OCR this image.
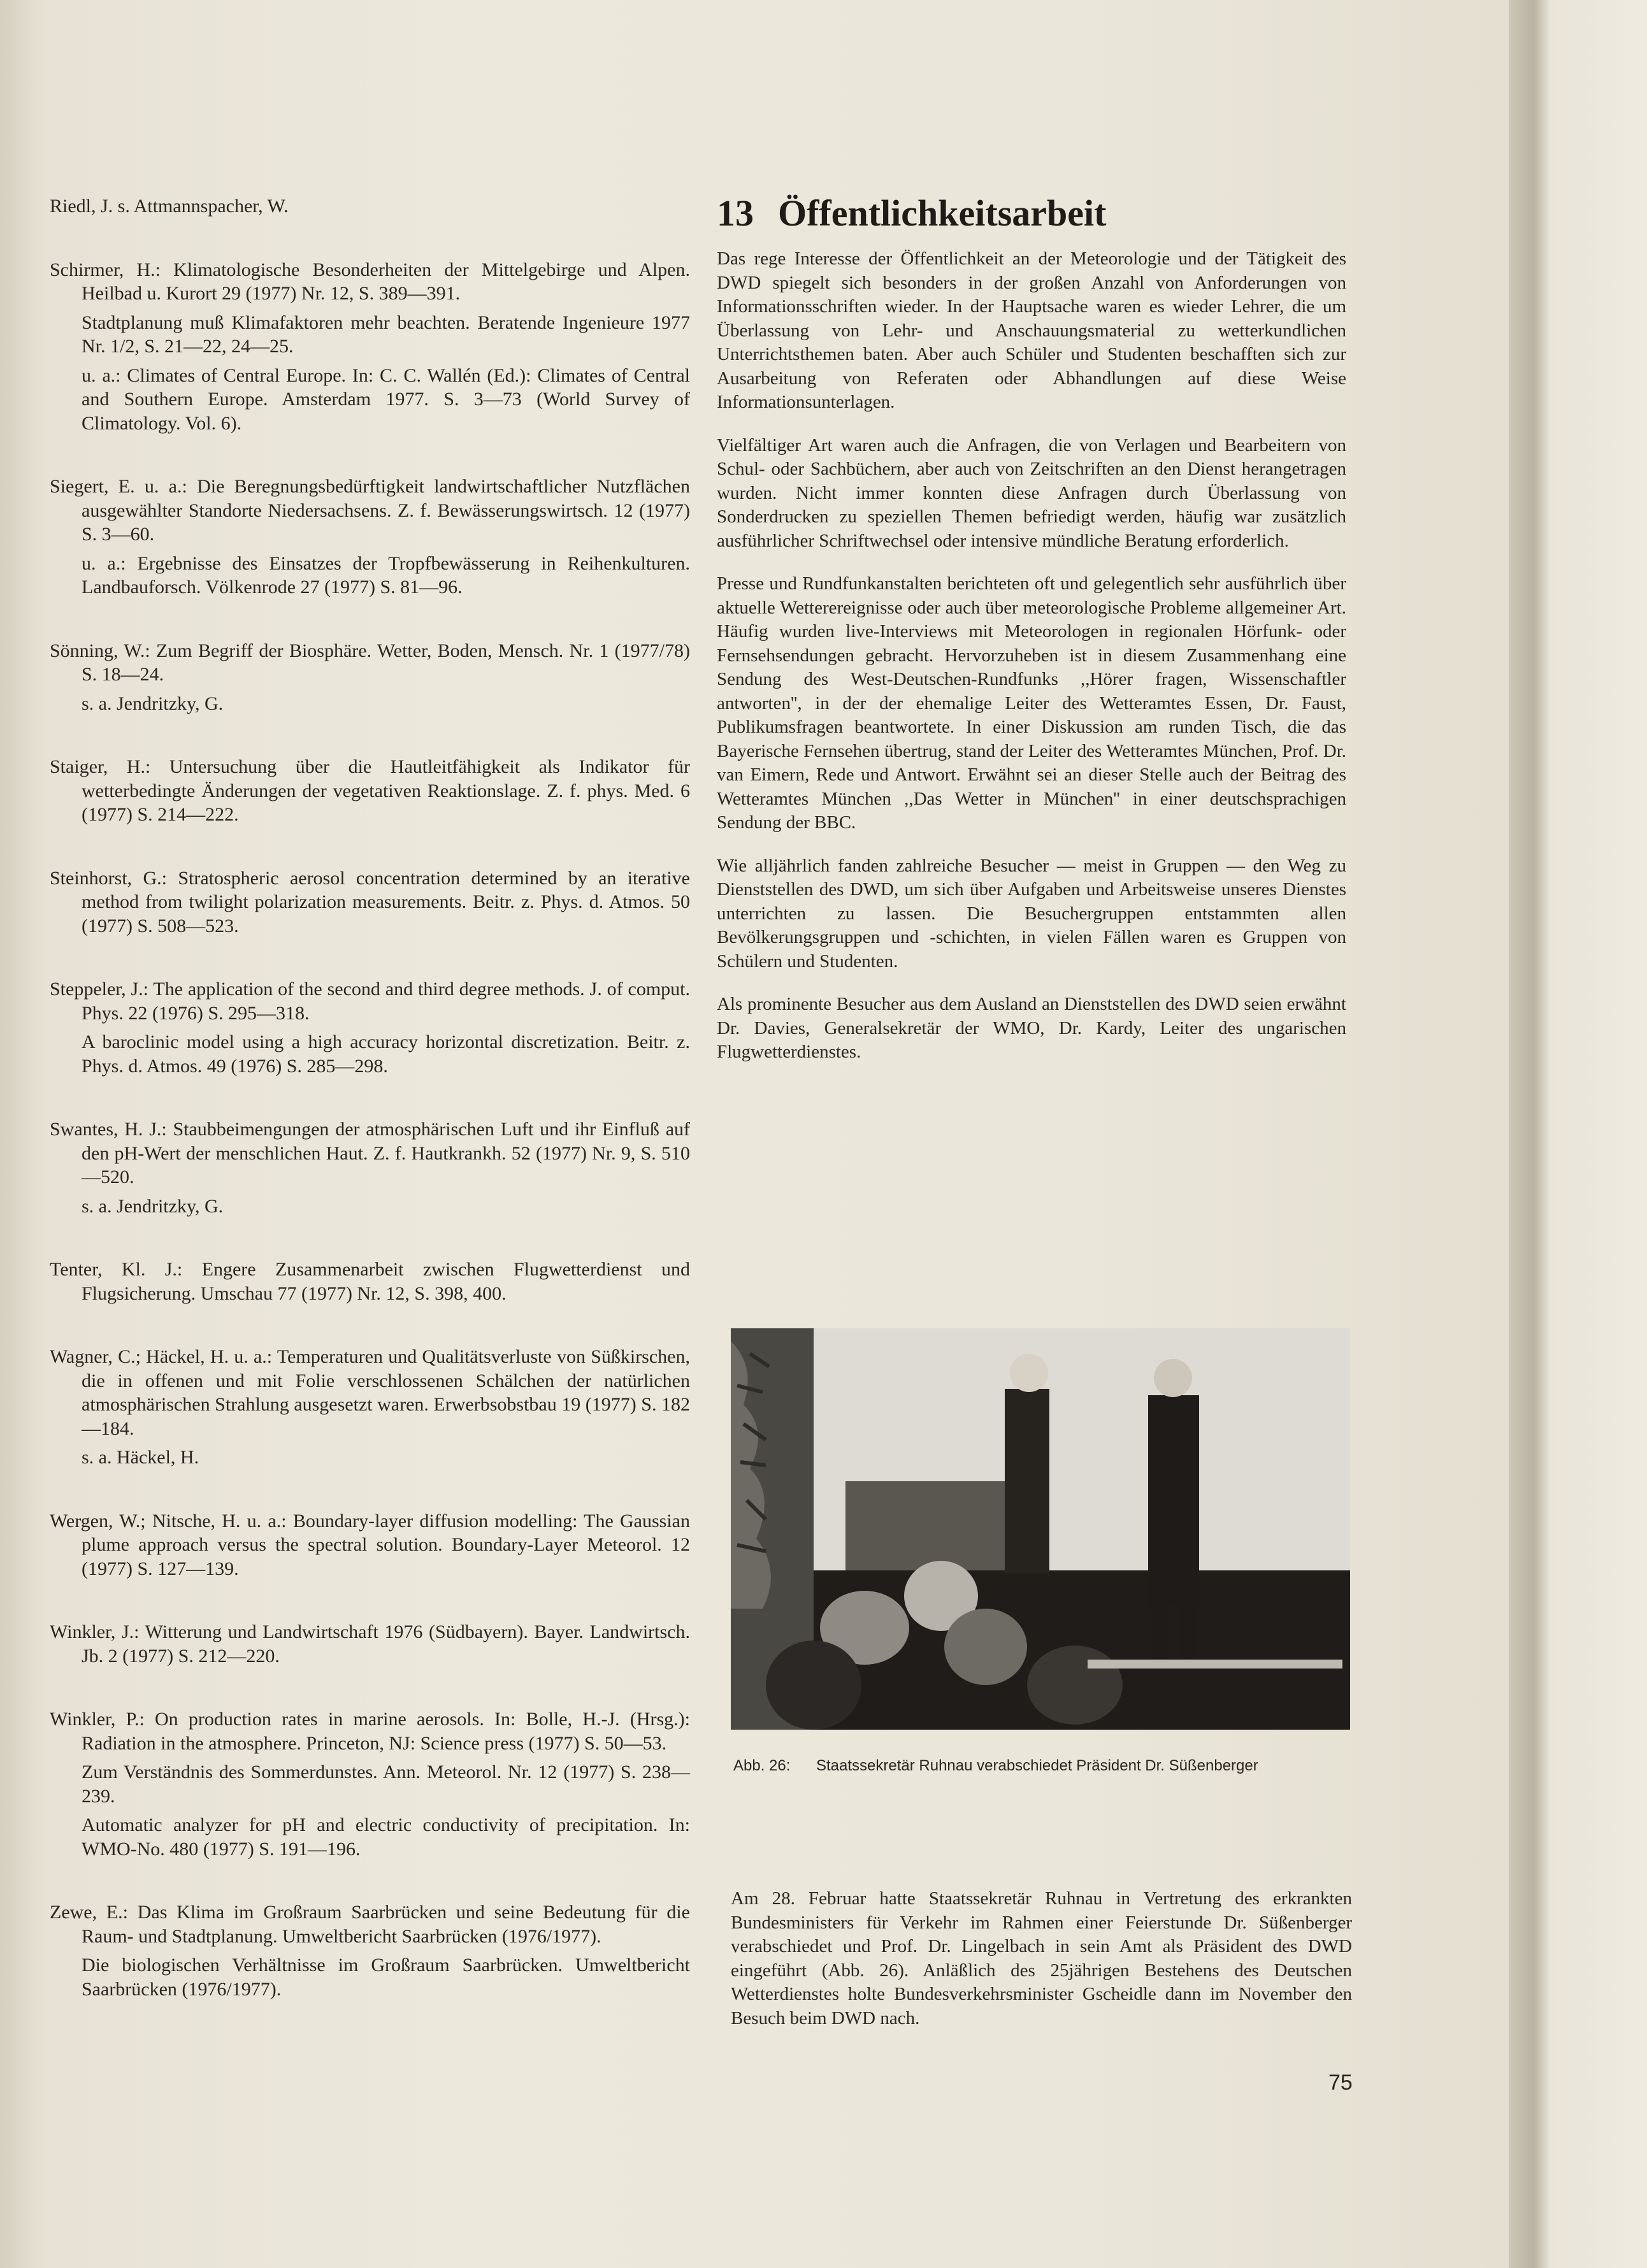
Riedl, J. s. Attmannspacher, W.

Schirmer, H.: Klimatologische Besonderheiten der Mittelgebirge und Alpen. Heilbad u. Kurort 29 (1977) Nr. 12, S. 389—391.

Stadtplanung muß Klimafaktoren mehr beachten. Beratende Ingenieure 1977 Nr. 1/2, S. 21—22, 24—25.

u. a.: Climates of Central Europe. In: C. C. Wallén (Ed.): Climates of Central and Southern Europe. Amsterdam 1977. S. 3—73 (World Survey of Climatology. Vol. 6).

Siegert, E. u. a.: Die Beregnungsbedürftigkeit landwirtschaftlicher Nutzflächen ausgewählter Standorte Niedersachsens. Z. f. Bewässerungswirtsch. 12 (1977) S. 3—60.

u. a.: Ergebnisse des Einsatzes der Tropfbewässerung in Reihenkulturen. Landbauforsch. Völkenrode 27 (1977) S. 81—96.

Sönning, W.: Zum Begriff der Biosphäre. Wetter, Boden, Mensch. Nr. 1 (1977/78) S. 18—24.

s. a. Jendritzky, G.

Staiger, H.: Untersuchung über die Hautleitfähigkeit als Indikator für wetterbedingte Änderungen der vegetativen Reaktionslage. Z. f. phys. Med. 6 (1977) S. 214—222.

Steinhorst, G.: Stratospheric aerosol concentration determined by an iterative method from twilight polarization measurements. Beitr. z. Phys. d. Atmos. 50 (1977) S. 508—523.

Steppeler, J.: The application of the second and third degree methods. J. of comput. Phys. 22 (1976) S. 295—318.

A baroclinic model using a high accuracy horizontal discretization. Beitr. z. Phys. d. Atmos. 49 (1976) S. 285—298.

Swantes, H. J.: Staubbeimengungen der atmosphärischen Luft und ihr Einfluß auf den pH-Wert der menschlichen Haut. Z. f. Hautkrankh. 52 (1977) Nr. 9, S. 510—520.

s. a. Jendritzky, G.

Tenter, Kl. J.: Engere Zusammenarbeit zwischen Flugwetterdienst und Flugsicherung. Umschau 77 (1977) Nr. 12, S. 398, 400.

Wagner, C.; Häckel, H. u. a.: Temperaturen und Qualitätsverluste von Süßkirschen, die in offenen und mit Folie verschlossenen Schälchen der natürlichen atmosphärischen Strahlung ausgesetzt waren. Erwerbsobstbau 19 (1977) S. 182—184.

s. a. Häckel, H.

Wergen, W.; Nitsche, H. u. a.: Boundary-layer diffusion modelling: The Gaussian plume approach versus the spectral solution. Boundary-Layer Meteorol. 12 (1977) S. 127—139.

Winkler, J.: Witterung und Landwirtschaft 1976 (Südbayern). Bayer. Landwirtsch. Jb. 2 (1977) S. 212—220.

Winkler, P.: On production rates in marine aerosols. In: Bolle, H.-J. (Hrsg.): Radiation in the atmosphere. Princeton, NJ: Science press (1977) S. 50—53.

Zum Verständnis des Sommerdunstes. Ann. Meteorol. Nr. 12 (1977) S. 238—239.

Automatic analyzer for pH and electric conductivity of precipitation. In: WMO-No. 480 (1977) S. 191—196.

Zewe, E.: Das Klima im Großraum Saarbrücken und seine Bedeutung für die Raum- und Stadtplanung. Umweltbericht Saarbrücken (1976/1977).

Die biologischen Verhältnisse im Großraum Saarbrücken. Umweltbericht Saarbrücken (1976/1977).

13 Öffentlichkeitsarbeit

Das rege Interesse der Öffentlichkeit an der Meteorologie und der Tätigkeit des DWD spiegelt sich besonders in der großen Anzahl von Anforderungen von Informationsschriften wieder. In der Hauptsache waren es wieder Lehrer, die um Überlassung von Lehr- und Anschauungsmaterial zu wetterkundlichen Unterrichtsthemen baten. Aber auch Schüler und Studenten beschafften sich zur Ausarbeitung von Referaten oder Abhandlungen auf diese Weise Informationsunterlagen.

Vielfältiger Art waren auch die Anfragen, die von Verlagen und Bearbeitern von Schul- oder Sachbüchern, aber auch von Zeitschriften an den Dienst herangetragen wurden. Nicht immer konnten diese Anfragen durch Überlassung von Sonderdrucken zu speziellen Themen befriedigt werden, häufig war zusätzlich ausführlicher Schriftwechsel oder intensive mündliche Beratung erforderlich.

Presse und Rundfunkanstalten berichteten oft und gelegentlich sehr ausführlich über aktuelle Wetterereignisse oder auch über meteorologische Probleme allgemeiner Art. Häufig wurden live-Interviews mit Meteorologen in regionalen Hörfunk- oder Fernsehsendungen gebracht. Hervorzuheben ist in diesem Zusammenhang eine Sendung des West-Deutschen-Rundfunks ,,Hörer fragen, Wissenschaftler antworten'', in der der ehemalige Leiter des Wetteramtes Essen, Dr. Faust, Publikumsfragen beantwortete. In einer Diskussion am runden Tisch, die das Bayerische Fernsehen übertrug, stand der Leiter des Wetteramtes München, Prof. Dr. van Eimern, Rede und Antwort. Erwähnt sei an dieser Stelle auch der Beitrag des Wetteramtes München ,,Das Wetter in München'' in einer deutschsprachigen Sendung der BBC.

Wie alljährlich fanden zahlreiche Besucher — meist in Gruppen — den Weg zu Dienststellen des DWD, um sich über Aufgaben und Arbeitsweise unseres Dienstes unterrichten zu lassen. Die Besuchergruppen entstammten allen Bevölkerungsgruppen und -schichten, in vielen Fällen waren es Gruppen von Schülern und Studenten.

Als prominente Besucher aus dem Ausland an Dienststellen des DWD seien erwähnt Dr. Davies, Generalsekretär der WMO, Dr. Kardy, Leiter des ungarischen Flugwetterdienstes.

Abb. 26: Staatssekretär Ruhnau verabschiedet Präsident Dr. Süßenberger

Am 28. Februar hatte Staatssekretär Ruhnau in Vertretung des erkrankten Bundesministers für Verkehr im Rahmen einer Feierstunde Dr. Süßenberger verabschiedet und Prof. Dr. Lingelbach in sein Amt als Präsident des DWD eingeführt (Abb. 26). Anläßlich des 25jährigen Bestehens des Deutschen Wetterdienstes holte Bundesverkehrsminister Gscheidle dann im November den Besuch beim DWD nach.

75
